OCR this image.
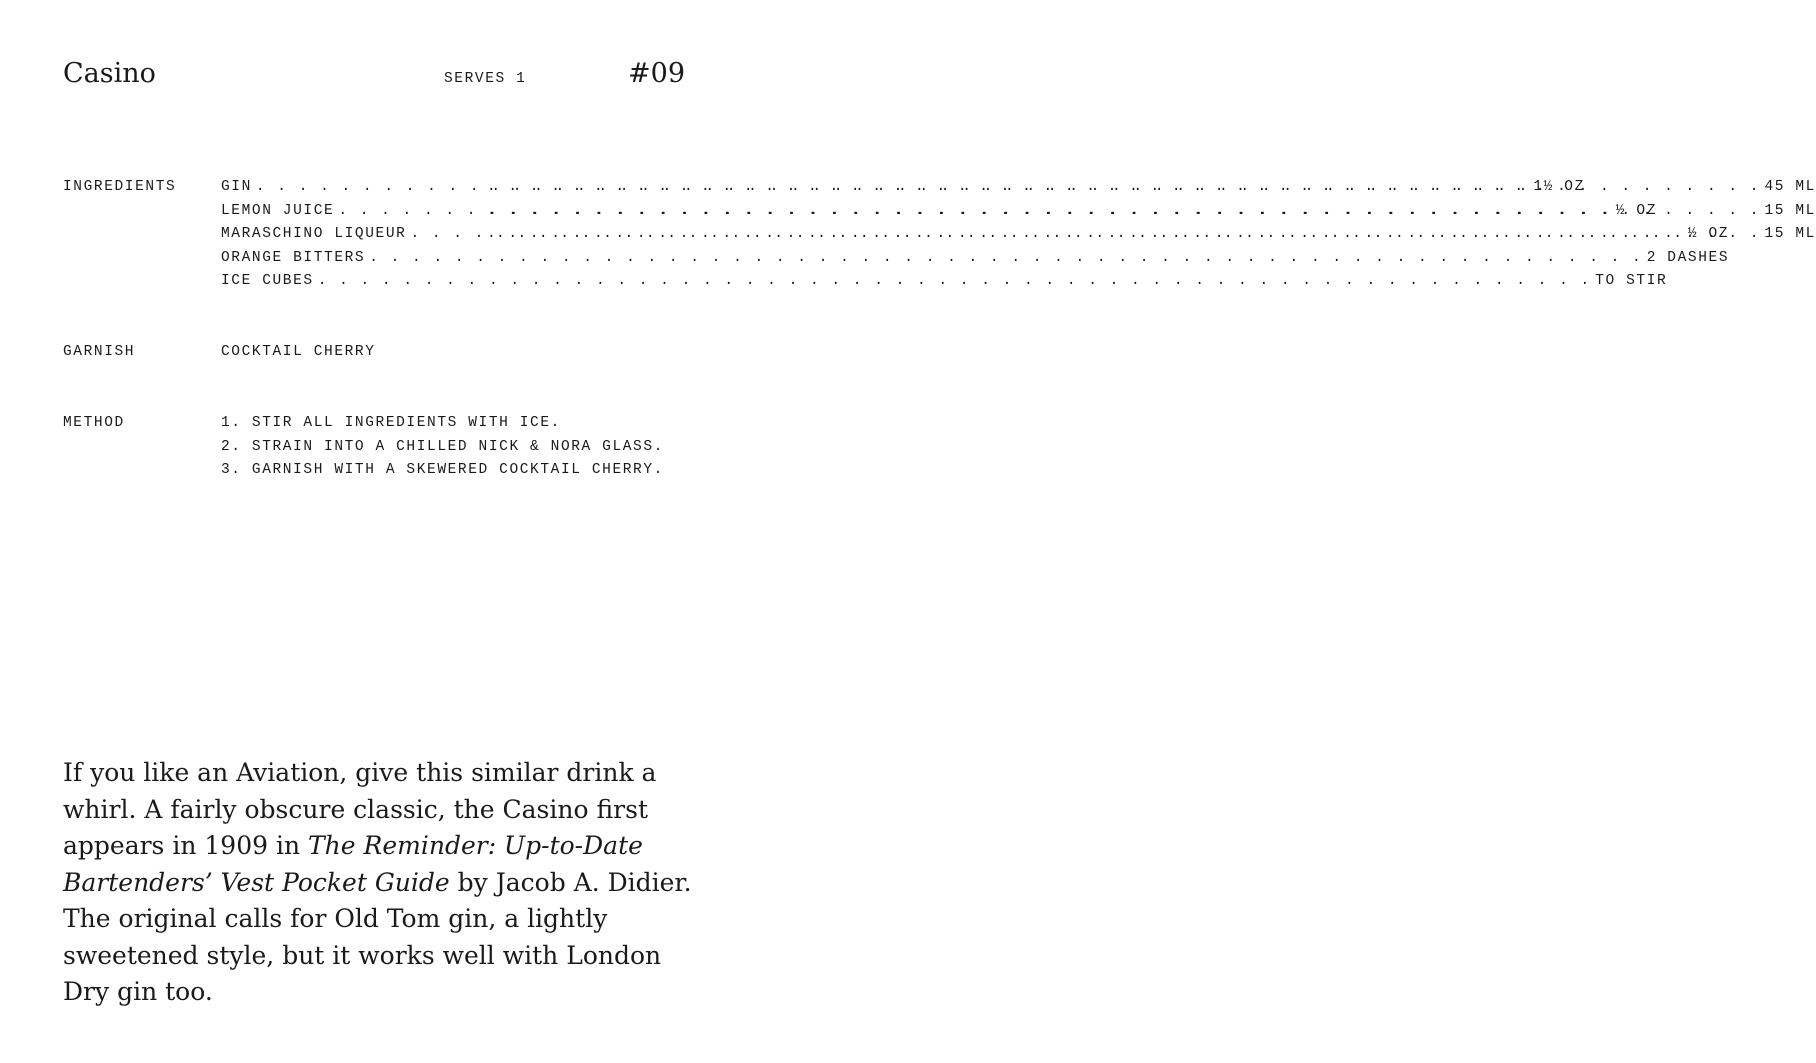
Casino	SERVES 1	#09
INGREDIENTS	GIN . . .	1½ OZ . . .	45 ML
LEMON JUICE . . .	½ OZ . . .	15 ML
MARASCHINO LIQUEUR . . .	½ OZ . . . 15 ML
ORANGE BITTERS . . .	2 DASHES
ICE CUBES . . .	TO STIR
GARNISH	COCKTAIL CHERRY
METHOD	1. STIR ALL INGREDIENTS WITH ICE.
2. STRAIN INTO A CHILLED NICK & NORA GLASS.
3. GARNISH WITH A SKEWERED COCKTAIL CHERRY.

If you like an Aviation, give this similar drink a whirl. A fairly obscure classic, the Casino first appears in 1909 in The Reminder: Up-to-Date Bartenders’ Vest Pocket Guide by Jacob A. Didier. The original calls for Old Tom gin, a lightly sweetened style, but it works well with London Dry gin too.
